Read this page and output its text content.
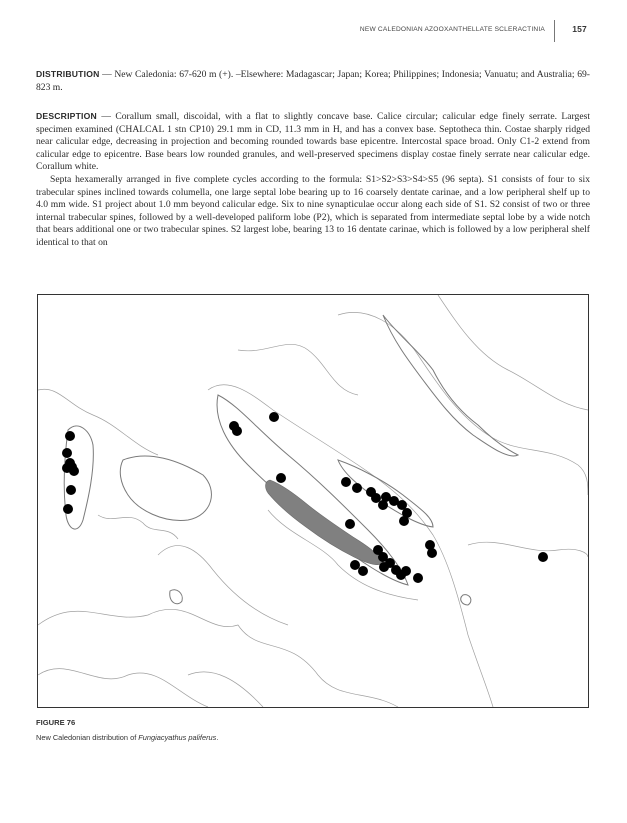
NEW CALEDONIAN AZOOXANTHELLATE SCLERACTINIA	157
DISTRIBUTION — New Caledonia: 67-620 m (+). –Elsewhere: Madagascar; Japan; Korea; Philippines; Indonesia; Vanuatu; and Australia; 69-823 m.

DESCRIPTION — Corallum small, discoidal, with a flat to slightly concave base. Calice circular; calicular edge finely serrate. Largest specimen examined (CHALCAL 1 stn CP10) 29.1 mm in CD, 11.3 mm in H, and has a convex base. Septotheca thin. Costae sharply ridged near calicular edge, decreasing in projection and becoming rounded towards base epicentre. Intercostal space broad. Only C1-2 extend from calicular edge to epicentre. Base bears low rounded granules, and well-preserved specimens display costae finely serrate near calicular edge. Corallum white.

Septa hexamerally arranged in five complete cycles according to the formula: S1>S2>S3>S4>S5 (96 septa). S1 consists of four to six trabecular spines inclined towards columella, one large septal lobe bearing up to 16 coarsely dentate carinae, and a low peripheral shelf up to 4.0 mm wide. S1 project about 1.0 mm beyond calicular edge. Six to nine synapticulae occur along each side of S1. S2 consist of two or three internal trabecular spines, followed by a well-developed paliform lobe (P2), which is separated from intermediate septal lobe by a wide notch that bears additional one or two trabecular spines. S2 largest lobe, bearing 13 to 16 dentate carinae, which is followed by a low peripheral shelf identical to that on

FIGURE 76
New Caledonian distribution of Fungiacyathus paliferus.
